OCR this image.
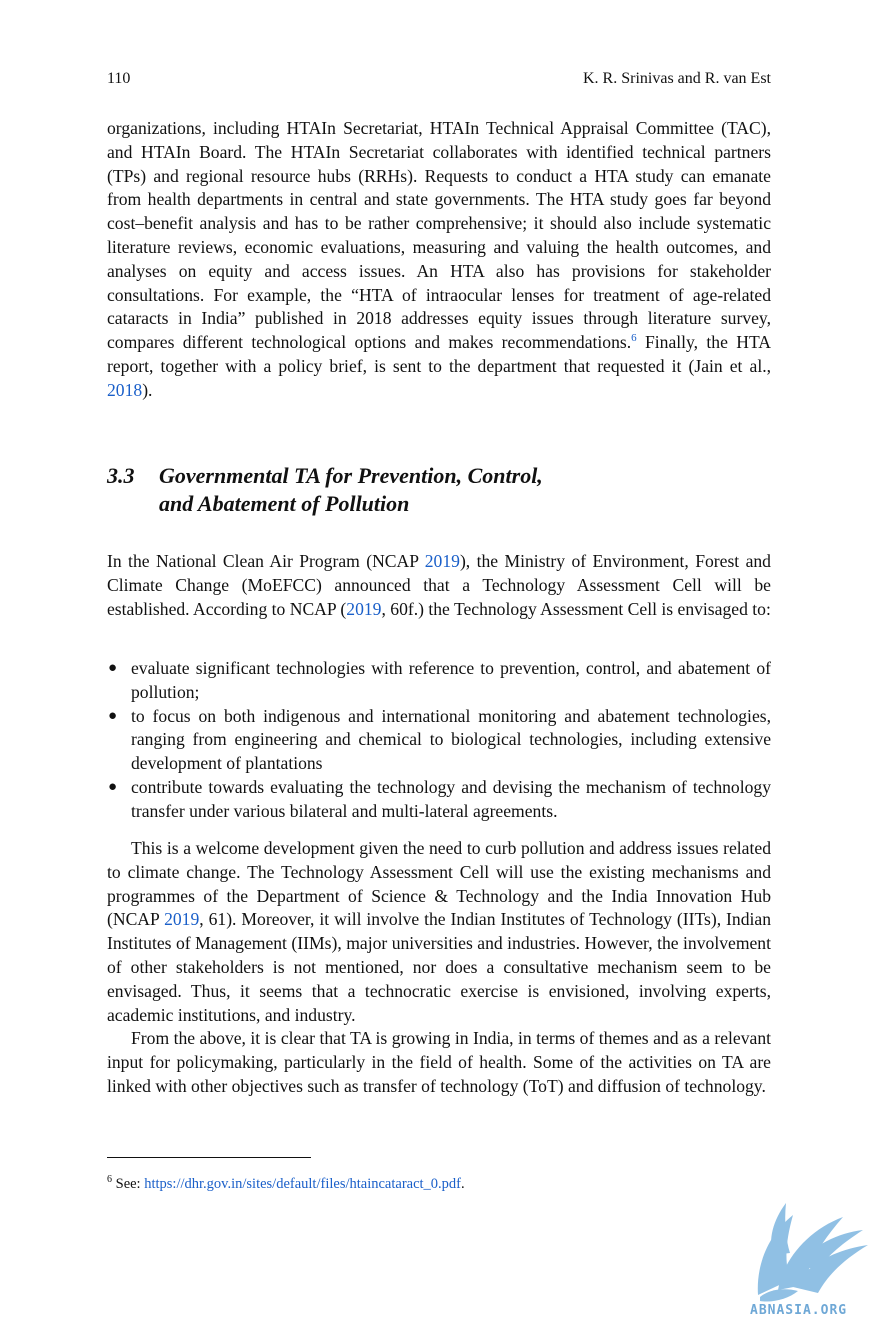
110	K. R. Srinivas and R. van Est

organizations, including HTAIn Secretariat, HTAIn Technical Appraisal Committee (TAC), and HTAIn Board. The HTAIn Secretariat collaborates with identified technical partners (TPs) and regional resource hubs (RRHs). Requests to conduct a HTA study can emanate from health departments in central and state governments. The HTA study goes far beyond cost–benefit analysis and has to be rather comprehensive; it should also include systematic literature reviews, economic evaluations, measuring and valuing the health outcomes, and analyses on equity and access issues. An HTA also has provisions for stakeholder consultations. For example, the “HTA of intraocular lenses for treatment of age-related cataracts in India” published in 2018 addresses equity issues through literature survey, compares different technological options and makes recommendations.$^6$ Finally, the HTA report, together with a policy brief, is sent to the department that requested it (Jain et al., 2018).

3.3	Governmental TA for Prevention, Control,
and Abatement of Pollution

In the National Clean Air Program (NCAP 2019), the Ministry of Environment, Forest and Climate Change (MoEFCC) announced that a Technology Assessment Cell will be established. According to NCAP (2019, 60f.) the Technology Assessment Cell is envisaged to:

● evaluate significant technologies with reference to prevention, control, and abatement of pollution;
● to focus on both indigenous and international monitoring and abatement technologies, ranging from engineering and chemical to biological technologies, including extensive development of plantations
● contribute towards evaluating the technology and devising the mechanism of technology transfer under various bilateral and multi-lateral agreements.

This is a welcome development given the need to curb pollution and address issues related to climate change. The Technology Assessment Cell will use the existing mechanisms and programmes of the Department of Science & Technology and the India Innovation Hub (NCAP 2019, 61). Moreover, it will involve the Indian Institutes of Technology (IITs), Indian Institutes of Management (IIMs), major universities and industries. However, the involvement of other stakeholders is not mentioned, nor does a consultative mechanism seem to be envisaged. Thus, it seems that a technocratic exercise is envisioned, involving experts, academic institutions, and industry.

From the above, it is clear that TA is growing in India, in terms of themes and as a relevant input for policymaking, particularly in the field of health. Some of the activities on TA are linked with other objectives such as transfer of technology (ToT) and diffusion of technology.

$^6$ See: https://dhr.gov.in/sites/default/files/htaincataract_0.pdf.
ABNASIA.ORG
